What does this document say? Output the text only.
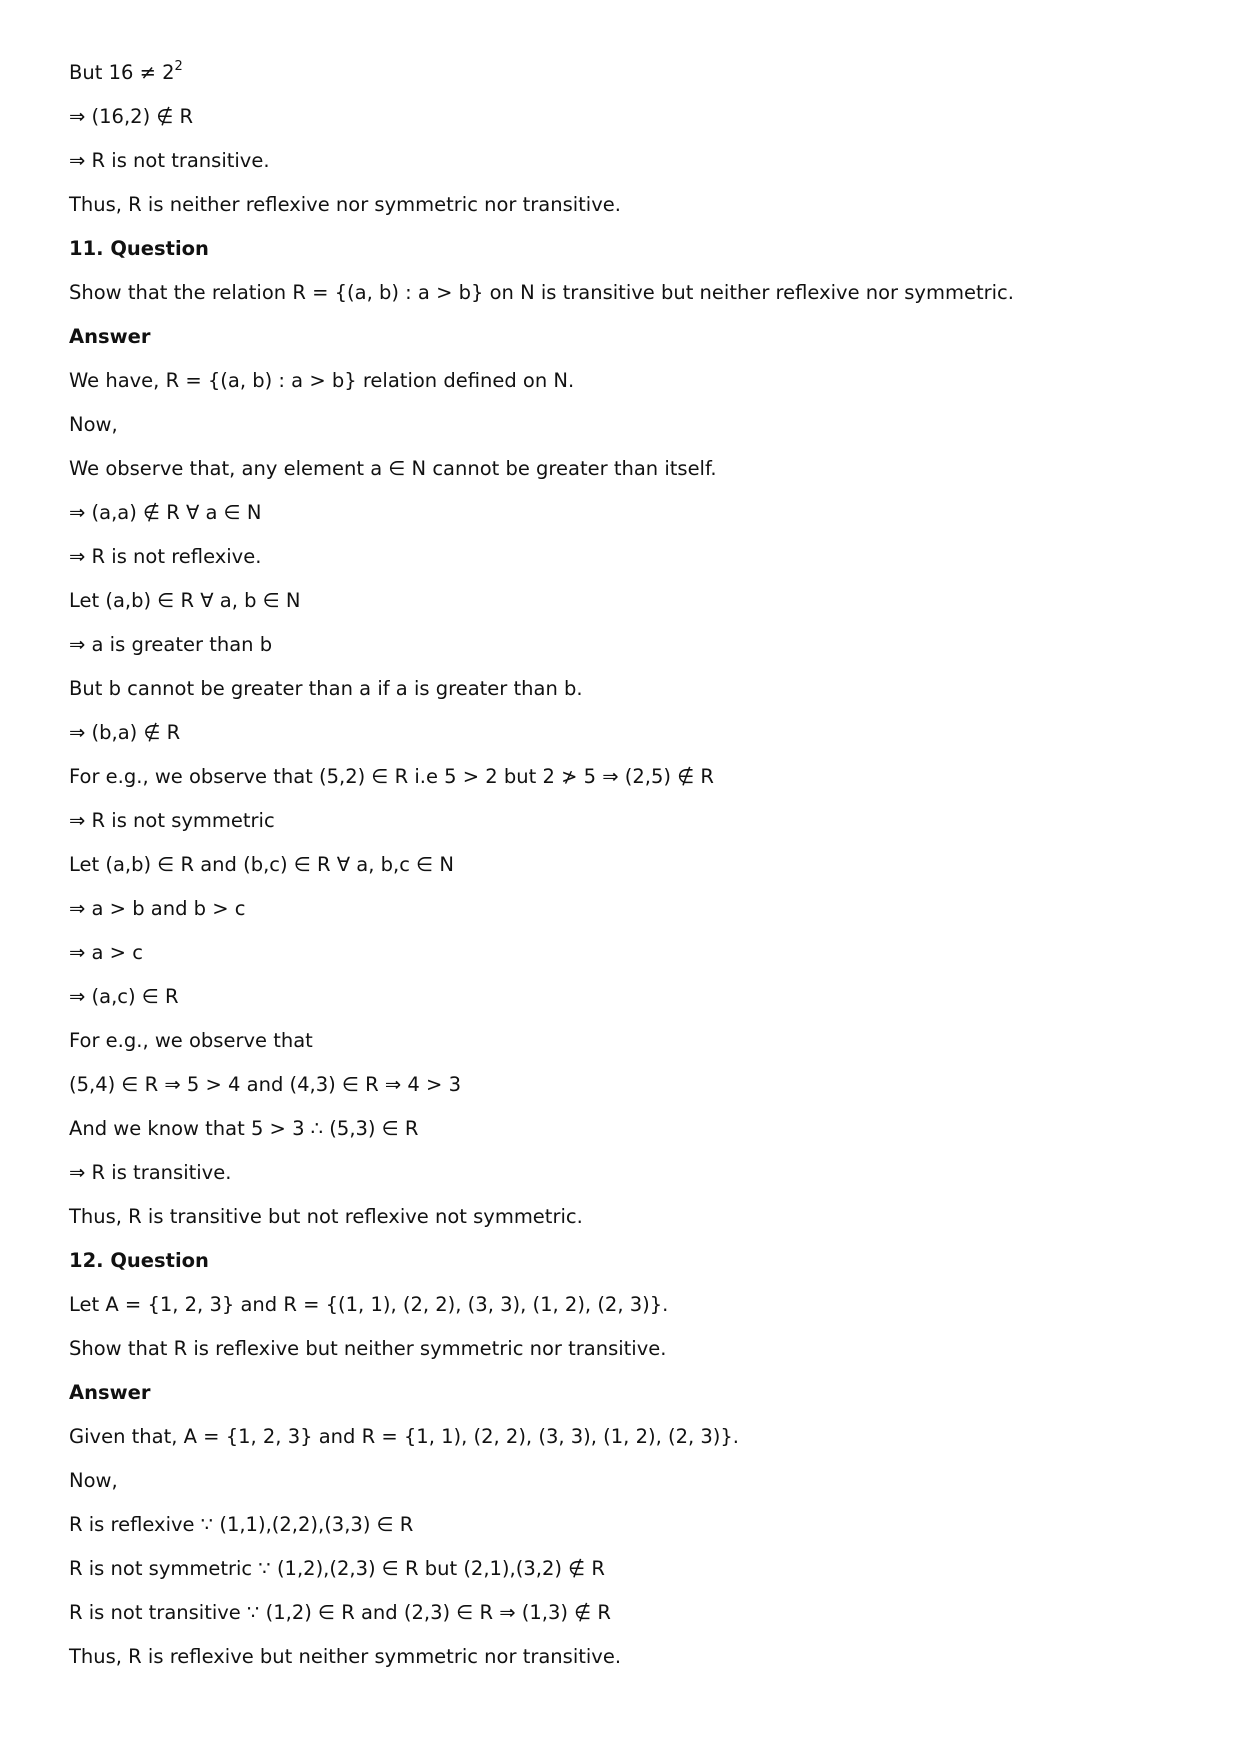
But $16 \ne 2^2$
⇒ (16,2) ∉ R
⇒ R is not transitive.
Thus, R is neither reflexive nor symmetric nor transitive.
11. Question
Show that the relation R = {(a, b) : a > b} on N is transitive but neither reflexive nor symmetric.
Answer
We have, R = {(a, b) : a > b} relation defined on N.
Now,
We observe that, any element a ∈ N cannot be greater than itself.
⇒ (a,a) ∉ R ∀ a ∈ N
⇒ R is not reflexive.
Let (a,b) ∈ R ∀ a, b ∈ N
⇒ a is greater than b
But b cannot be greater than a if a is greater than b.
⇒ (b,a) ∉ R
For e.g., we observe that (5,2) ∈ R i.e 5 > 2 but 2 ≯ 5 ⇒ (2,5) ∉ R
⇒ R is not symmetric
Let (a,b) ∈ R and (b,c) ∈ R ∀ a, b,c ∈ N
⇒ a > b and b > c
⇒ a > c
⇒ (a,c) ∈ R
For e.g., we observe that
(5,4) ∈ R ⇒ 5 > 4 and (4,3) ∈ R ⇒ 4 > 3
And we know that 5 > 3 ∴ (5,3) ∈ R
⇒ R is transitive.
Thus, R is transitive but not reflexive not symmetric.
12. Question
Let A = {1, 2, 3} and R = {(1, 1), (2, 2), (3, 3), (1, 2), (2, 3)}.
Show that R is reflexive but neither symmetric nor transitive.
Answer
Given that, A = {1, 2, 3} and R = {1, 1), (2, 2), (3, 3), (1, 2), (2, 3)}.
Now,
R is reflexive ∵ (1,1),(2,2),(3,3) ∈ R
R is not symmetric ∵ (1,2),(2,3) ∈ R but (2,1),(3,2) ∉ R
R is not transitive ∵ (1,2) ∈ R and (2,3) ∈ R ⇒ (1,3) ∉ R
Thus, R is reflexive but neither symmetric nor transitive.
